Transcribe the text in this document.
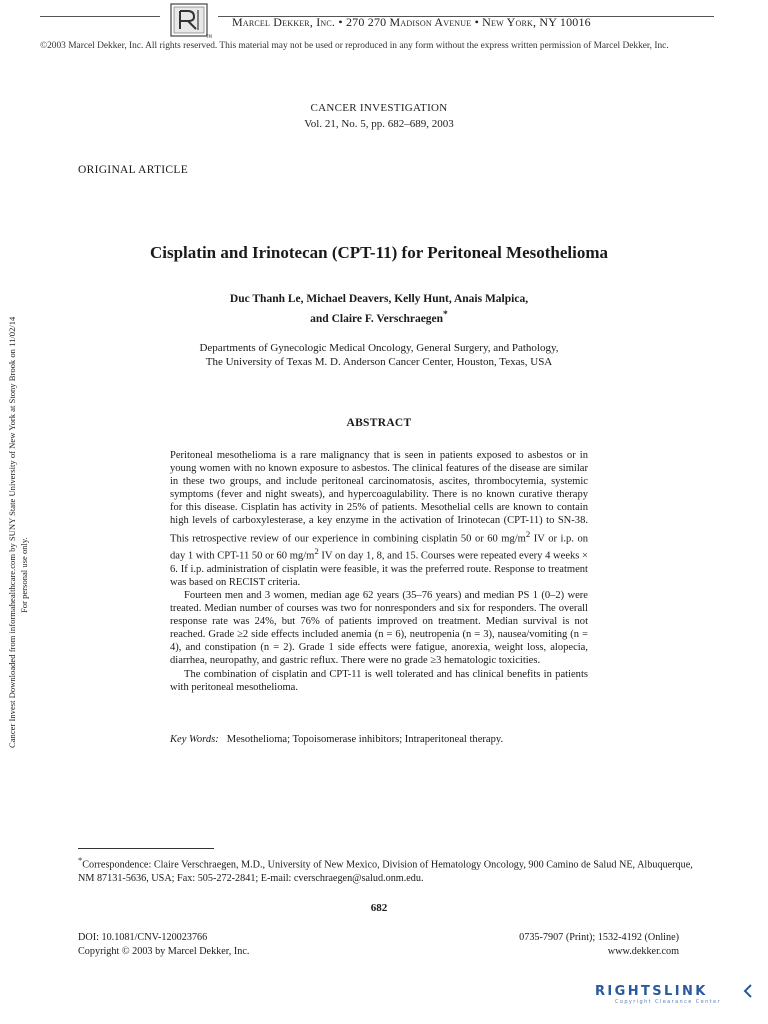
TM
Marcel Dekker, Inc. • 270 270 Madison Avenue • New York, NY 10016
©2003 Marcel Dekker, Inc. All rights reserved. This material may not be used or reproduced in any form without the express written permission of Marcel Dekker, Inc.
CANCER INVESTIGATION
Vol. 21, No. 5, pp. 682–689, 2003
ORIGINAL ARTICLE
Cisplatin and Irinotecan (CPT-11) for Peritoneal Mesothelioma
Duc Thanh Le, Michael Deavers, Kelly Hunt, Anais Malpica,
and Claire F. Verschraegen*
Departments of Gynecologic Medical Oncology, General Surgery, and Pathology,
The University of Texas M. D. Anderson Cancer Center, Houston, Texas, USA
ABSTRACT

Peritoneal mesothelioma is a rare malignancy that is seen in patients exposed to asbestos or in young women with no known exposure to asbestos. The clinical features of the disease are similar in these two groups, and include peritoneal carcinomatosis, ascites, thrombocytemia, systemic symptoms (fever and night sweats), and hypercoagulability. There is no known curative therapy for this disease. Cisplatin has activity in 25% of patients. Mesothelial cells are known to contain high levels of carboxylesterase, a key enzyme in the activation of Irinotecan (CPT-11) to SN-38. This retrospective review of our experience in combining cisplatin 50 or 60 $mg/m^2$ IV or i.p. on day 1 with CPT-11 50 or 60 $mg/m^2$ IV on day 1, 8, and 15. Courses were repeated every 4 weeks × 6. If i.p. administration of cisplatin were feasible, it was the preferred route. Response to treatment was based on RECIST criteria.

Fourteen men and 3 women, median age 62 years (35–76 years) and median PS 1 (0–2) were treated. Median number of courses was two for nonresponders and six for responders. The overall response rate was 24%, but 76% of patients improved on treatment. Median survival is not reached. Grade ≥2 side effects included anemia (n = 6), neutropenia (n = 3), nausea/vomiting (n = 4), and constipation (n = 2). Grade 1 side effects were fatigue, anorexia, weight loss, alopecia, diarrhea, neuropathy, and gastric reflux. There were no grade ≥3 hematologic toxicities.

The combination of cisplatin and CPT-11 is well tolerated and has clinical benefits in patients with peritoneal mesothelioma.

Key Words: Mesothelioma; Topoisomerase inhibitors; Intraperitoneal therapy.
*Correspondence: Claire Verschraegen, M.D., University of New Mexico, Division of Hematology Oncology, 900 Camino de Salud NE, Albuquerque, NM 87131-5636, USA; Fax: 505-272-2841; E-mail: cverschraegen@salud.onm.edu.
682
DOI: 10.1081/CNV-120023766
Copyright © 2003 by Marcel Dekker, Inc.
0735-7907 (Print); 1532-4192 (Online)
www.dekker.com
Cancer Invest Downloaded from informahealthcare.com by SUNY State University of New York at Stony Brook on 11/02/14 For personal use only.
RIGHTSLINK
Copyright Clearance Center
